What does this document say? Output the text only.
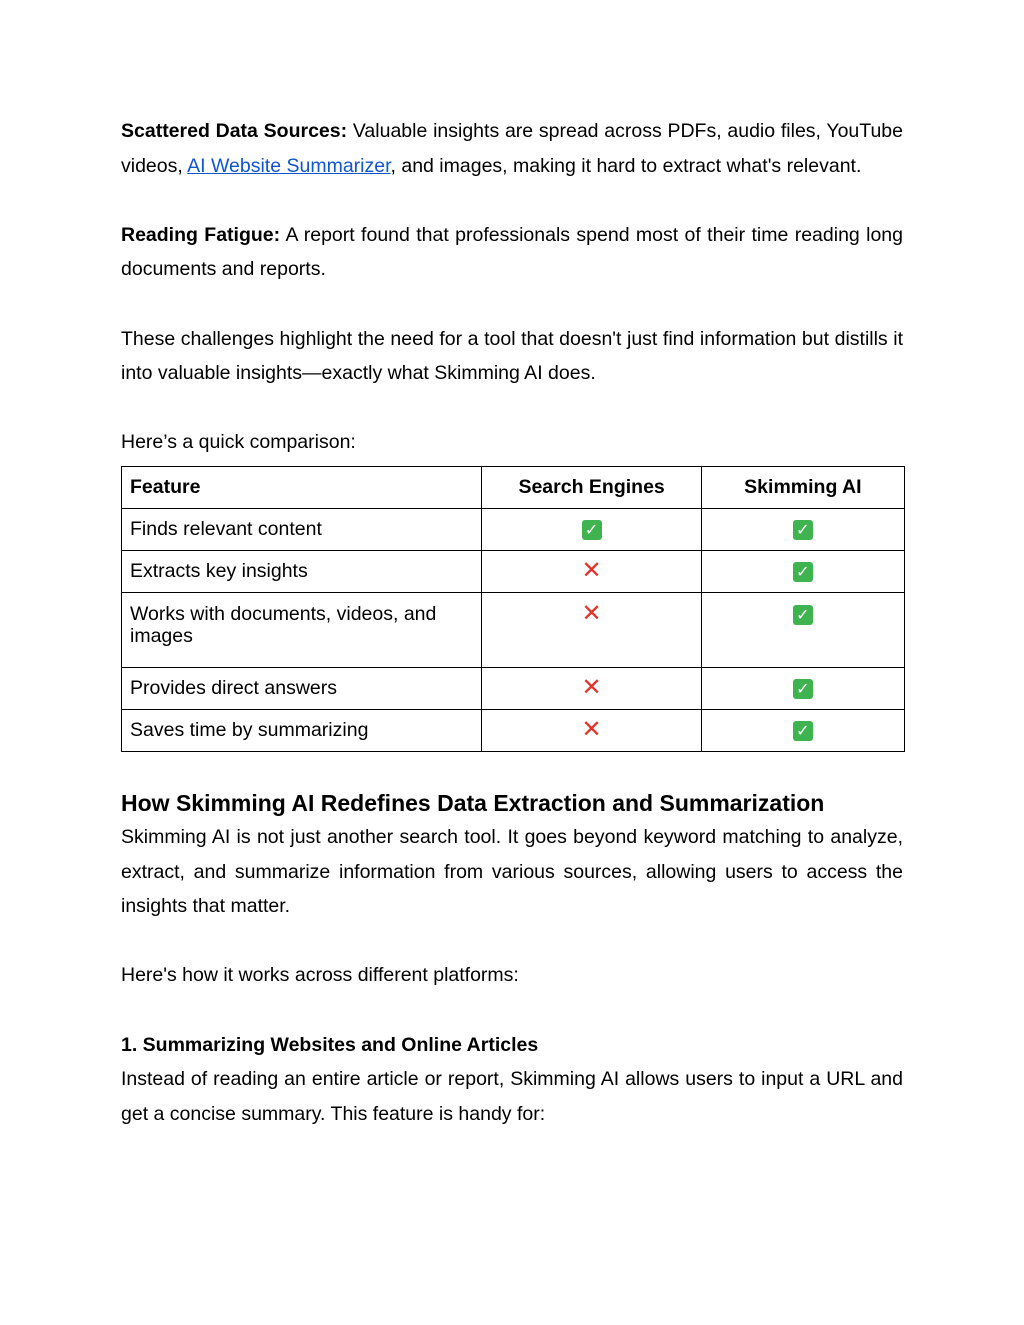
Scattered Data Sources: Valuable insights are spread across PDFs, audio files, YouTube videos, AI Website Summarizer, and images, making it hard to extract what's relevant.

Reading Fatigue: A report found that professionals spend most of their time reading long documents and reports.

These challenges highlight the need for a tool that doesn't just find information but distills it into valuable insights—exactly what Skimming AI does.

Here’s a quick comparison:

Feature	Search Engines	Skimming AI
Finds relevant content	✓	✓
Extracts key insights	✕	✓
Works with documents, videos, and images	✕	✓
Provides direct answers	✕	✓
Saves time by summarizing	✕	✓
How Skimming AI Redefines Data Extraction and Summarization

Skimming AI is not just another search tool. It goes beyond keyword matching to analyze, extract, and summarize information from various sources, allowing users to access the insights that matter.

Here's how it works across different platforms:

1. Summarizing Websites and Online Articles

Instead of reading an entire article or report, Skimming AI allows users to input a URL and get a concise summary. This feature is handy for:
